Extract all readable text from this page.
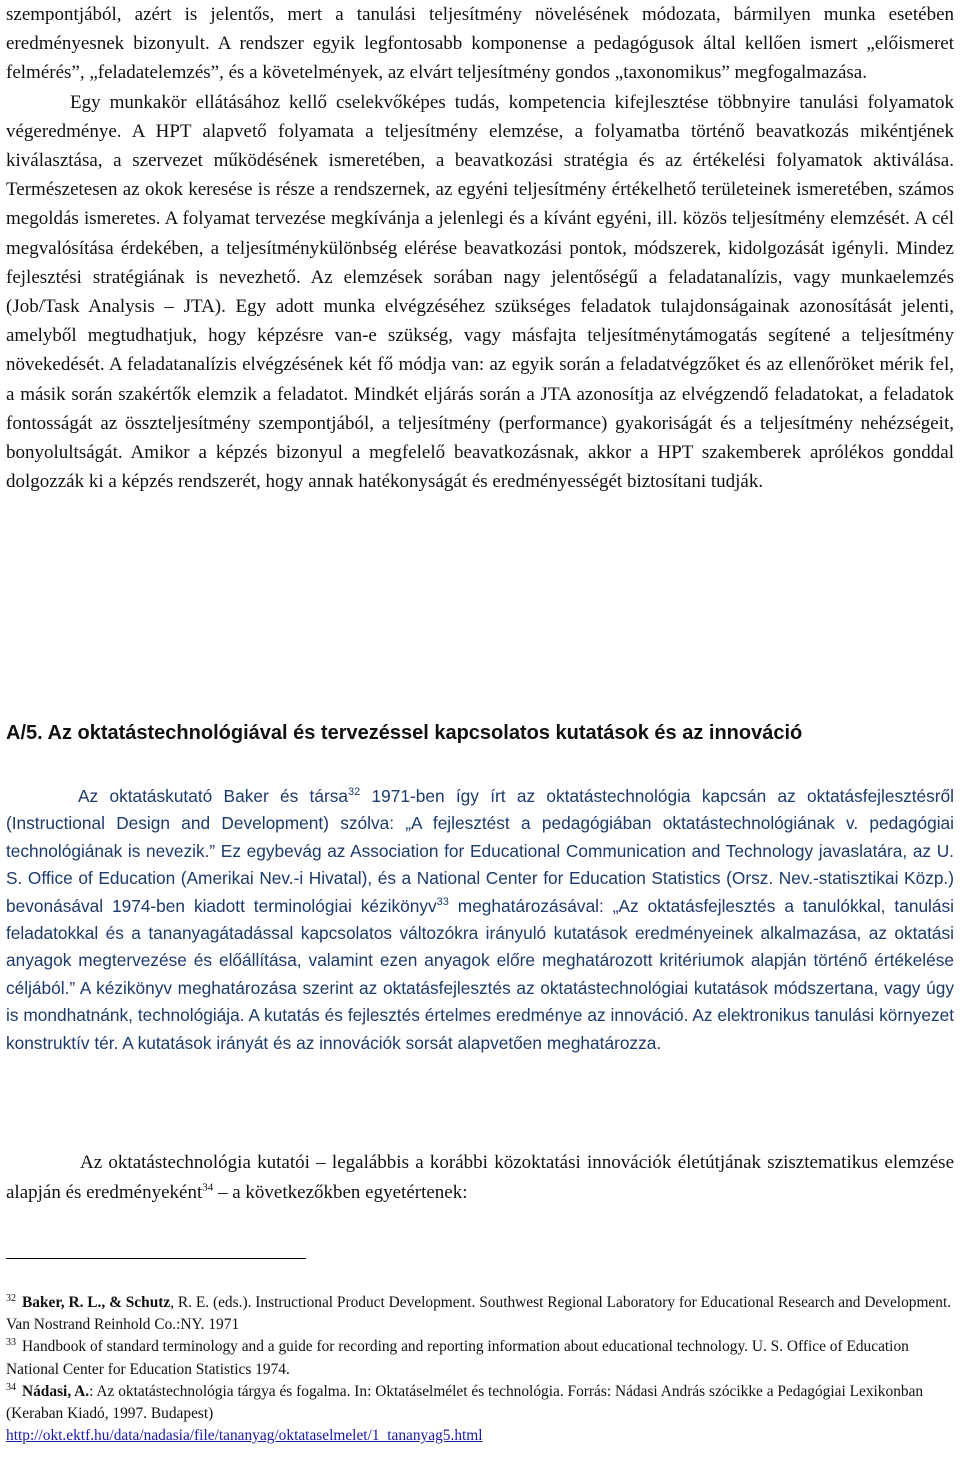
szempontjából, azért is jelentős, mert a tanulási teljesítmény növelésének módozata, bármilyen munka esetében eredményesnek bizonyult. A rendszer egyik legfontosabb komponense a pedagógusok által kellően ismert „előismeret felmérés”, „feladatelemzés”, és a követelmények, az elvárt teljesítmény gondos „taxonomikus” megfogalmazása.

Egy munkakör ellátásához kellő cselekvőképes tudás, kompetencia kifejlesztése többnyire tanulási folyamatok végeredménye. A HPT alapvető folyamata a teljesítmény elemzése, a folyamatba történő beavatkozás mikéntjének kiválasztása, a szervezet működésének ismeretében, a beavatkozási stratégia és az értékelési folyamatok aktiválása. Természetesen az okok keresése is része a rendszernek, az egyéni teljesítmény értékelhető területeinek ismeretében, számos megoldás ismeretes. A folyamat tervezése megkívánja a jelenlegi és a kívánt egyéni, ill. közös teljesítmény elemzését. A cél megvalósítása érdekében, a teljesítménykülönbség elérése beavatkozási pontok, módszerek, kidolgozását igényli. Mindez fejlesztési stratégiának is nevezhető. Az elemzések sorában nagy jelentőségű a feladatanalízis, vagy munkaelemzés (Job/Task Analysis – JTA). Egy adott munka elvégzéséhez szükséges feladatok tulajdonságainak azonosítását jelenti, amelyből megtudhatjuk, hogy képzésre van-e szükség, vagy másfajta teljesítménytámogatás segítené a teljesítmény növekedését. A feladatanalízis elvégzésének két fő módja van: az egyik során a feladatvégzőket és az ellenőröket mérik fel, a másik során szakértők elemzik a feladatot. Mindkét eljárás során a JTA azonosítja az elvégzendő feladatokat, a feladatok fontosságát az összteljesítmény szempontjából, a teljesítmény (performance) gyakoriságát és a teljesítmény nehézségeit, bonyolultságát. Amikor a képzés bizonyul a megfelelő beavatkozásnak, akkor a HPT szakemberek aprólékos gonddal dolgozzák ki a képzés rendszerét, hogy annak hatékonyságát és eredményességét biztosítani tudják.

A/5. Az oktatástechnológiával és tervezéssel kapcsolatos kutatások és az innováció

Az oktatáskutató Baker és társa$^{32}$ 1971-ben így írt az oktatástechnológia kapcsán az oktatásfejlesztésről (Instructional Design and Development) szólva: „A fejlesztést a pedagógiában oktatástechnológiának v. pedagógiai technológiának is nevezik.” Ez egybevág az Association for Educational Communication and Technology javaslatára, az U. S. Office of Education (Amerikai Nev.-i Hivatal), és a National Center for Education Statistics (Orsz. Nev.-statisztikai Közp.) bevonásával 1974-ben kiadott terminológiai kézikönyv$^{33}$ meghatározásával: „Az oktatásfejlesztés a tanulókkal, tanulási feladatokkal és a tananyagátadással kapcsolatos változókra irányuló kutatások eredményeinek alkalmazása, az oktatási anyagok megtervezése és előállítása, valamint ezen anyagok előre meghatározott kritériumok alapján történő értékelése céljából.” A kézikönyv meghatározása szerint az oktatásfejlesztés az oktatástechnológiai kutatások módszertana, vagy úgy is mondhatnánk, technológiája. A kutatás és fejlesztés értelmes eredménye az innováció. Az elektronikus tanulási környezet konstruktív tér. A kutatások irányát és az innovációk sorsát alapvetően meghatározza.

Az oktatástechnológia kutatói – legalábbis a korábbi közoktatási innovációk életútjának szisztematikus elemzése alapján és eredményeként$^{34}$ – a következőkben egyetértenek:

$^{32}$ Baker, R. L., & Schutz, R. E. (eds.). Instructional Product Development. Southwest Regional Laboratory for Educational Research and Development. Van Nostrand Reinhold Co.:NY. 1971

$^{33}$ Handbook of standard terminology and a guide for recording and reporting information about educational technology. U. S. Office of Education National Center for Education Statistics 1974.

$^{34}$ Nádasi, A.: Az oktatástechnológia tárgya és fogalma. In: Oktatáselmélet és technológia. Forrás: Nádasi András szócikke a Pedagógiai Lexikonban (Keraban Kiadó, 1997. Budapest)
http://okt.ektf.hu/data/nadasia/file/tananyag/oktataselmelet/1_tananyag5.html
